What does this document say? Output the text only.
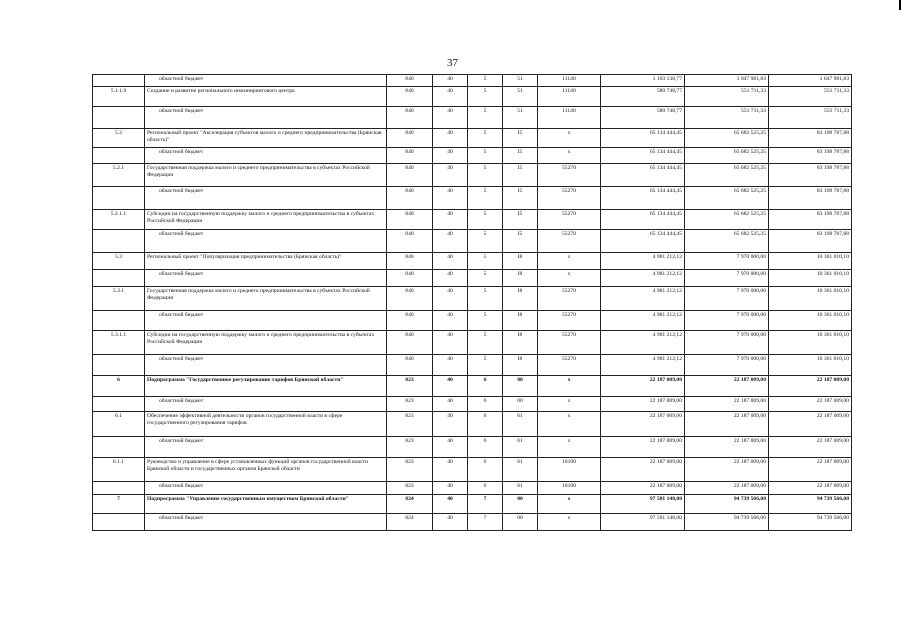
37
	областной бюджет	840	40	5	51	11140	1 103 138,77	1 047 981,83	1 047 981,83
5.1.1.9	Создание и развитие регионального инжинирингового центра	840	40	5	51	11140	580 748,77	551 711,33	551 711,33
	областной бюджет	840	40	5	51	11140	580 748,77	551 711,33	551 711,33
5.2	Региональный проект "Акселерация субъектов малого и среднего предпринимательства (Брянская область)"	840	40	5	I5	x	65 134 444,45	65 682 525,25	83 198 787,88
	областной бюджет	840	40	5	I5	x	65 134 444,45	65 682 525,25	83 198 787,88
5.2.1	Государственная поддержка малого и среднего предпринимательства в субъектах Российской Федерации	840	40	5	I5	55270	65 134 444,45	65 682 525,25	83 198 787,88
	областной бюджет	840	40	5	I5	55270	65 134 444,45	65 682 525,25	83 198 787,88
5.2.1.1	Субсидии на государственную поддержку малого и среднего предпринимательства в субъектах Российской Федерации	840	40	5	I5	55270	65 134 444,45	65 682 525,25	83 198 787,88
	областной бюджет	840	40	5	I5	55270	65 134 444,45	65 682 525,25	83 198 787,88
5.3	Региональный проект "Популяризация предпринимательства (Брянская область)"	840	40	5	I8	x	4 981 212,12	7 970 000,00	10 361 010,10
	областной бюджет	840	40	5	I8	x	4 981 212,12	7 970 000,00	10 361 010,10
5.3.1	Государственная поддержка малого и среднего предпринимательства в субъектах Российской Федерации	840	40	5	I8	55270	4 981 212,12	7 970 000,00	10 361 010,10
	областной бюджет	840	40	5	I8	55270	4 981 212,12	7 970 000,00	10 361 010,10
5.3.1.1	Субсидии на государственную поддержку малого и среднего предпринимательства в субъектах Российской Федерации	840	40	5	I8	55270	4 981 212,12	7 970 000,00	10 361 010,10
	областной бюджет	840	40	5	I8	55270	4 981 212,12	7 970 000,00	10 361 010,10
6	Подпрограмма "Государственное регулирование тарифов Брянской области"	823	40	6	00	x	22 187 009,00	22 187 009,00	22 187 009,00
	областной бюджет	823	40	6	00	x	22 187 009,00	22 187 009,00	22 187 009,00
6.1	Обеспечение эффективной деятельности органов государственной власти в сфере государственного регулирования тарифов	823	40	6	61	x	22 187 009,00	22 187 009,00	22 187 009,00
	областной бюджет	823	40	6	61	x	22 187 009,00	22 187 009,00	22 187 009,00
6.1.1	Руководство и управление в сфере установленных функций органов государственной власти Брянской области и государственных органов Брянской области	823	40	6	61	10100	22 187 009,00	22 187 009,00	22 187 009,00
	областной бюджет	823	40	6	61	10100	22 187 009,00	22 187 009,00	22 187 009,00
7	Подпрограмма "Управление государственным имуществом Брянской области"	824	40	7	00	x	97 501 148,00	94 739 566,00	94 739 566,00
	областной бюджет	824	40	7	00	x	97 501 148,00	94 739 566,00	94 739 566,00
